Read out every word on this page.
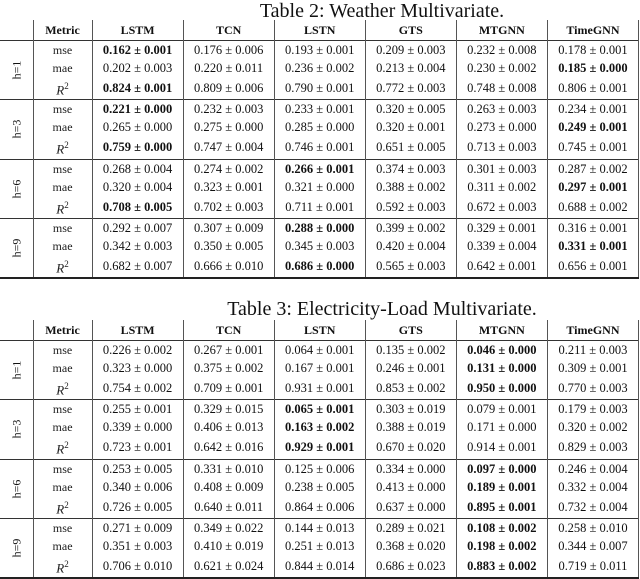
Table 2: Weather Multivariate.
	Metric	LSTM	TCN	LSTN	GTS	MTGNN	TimeGNN
h=1	mse	0.162 ± 0.001	0.176 ± 0.006	0.193 ± 0.001	0.209 ± 0.003	0.232 ± 0.008	0.178 ± 0.001
	mae	0.202 ± 0.003	0.220 ± 0.011	0.236 ± 0.002	0.213 ± 0.004	0.230 ± 0.002	0.185 ± 0.000
	$R^2$	0.824 ± 0.001	0.809 ± 0.006	0.790 ± 0.001	0.772 ± 0.003	0.748 ± 0.008	0.806 ± 0.001
h=3	mse	0.221 ± 0.000	0.232 ± 0.003	0.233 ± 0.001	0.320 ± 0.005	0.263 ± 0.003	0.234 ± 0.001
	mae	0.265 ± 0.000	0.275 ± 0.000	0.285 ± 0.000	0.320 ± 0.001	0.273 ± 0.000	0.249 ± 0.001
	$R^2$	0.759 ± 0.000	0.747 ± 0.004	0.746 ± 0.001	0.651 ± 0.005	0.713 ± 0.003	0.745 ± 0.001
h=6	mse	0.268 ± 0.004	0.274 ± 0.002	0.266 ± 0.001	0.374 ± 0.003	0.301 ± 0.003	0.287 ± 0.002
	mae	0.320 ± 0.004	0.323 ± 0.001	0.321 ± 0.000	0.388 ± 0.002	0.311 ± 0.002	0.297 ± 0.001
	$R^2$	0.708 ± 0.005	0.702 ± 0.003	0.711 ± 0.001	0.592 ± 0.003	0.672 ± 0.003	0.688 ± 0.002
h=9	mse	0.292 ± 0.007	0.307 ± 0.009	0.288 ± 0.000	0.399 ± 0.002	0.329 ± 0.001	0.316 ± 0.001
	mae	0.342 ± 0.003	0.350 ± 0.005	0.345 ± 0.003	0.420 ± 0.004	0.339 ± 0.004	0.331 ± 0.001
	$R^2$	0.682 ± 0.007	0.666 ± 0.010	0.686 ± 0.000	0.565 ± 0.003	0.642 ± 0.001	0.656 ± 0.001
Table 3: Electricity-Load Multivariate.
	Metric	LSTM	TCN	LSTN	GTS	MTGNN	TimeGNN
h=1	mse	0.226 ± 0.002	0.267 ± 0.001	0.064 ± 0.001	0.135 ± 0.002	0.046 ± 0.000	0.211 ± 0.003
	mae	0.323 ± 0.000	0.375 ± 0.002	0.167 ± 0.001	0.246 ± 0.001	0.131 ± 0.000	0.309 ± 0.001
	$R^2$	0.754 ± 0.002	0.709 ± 0.001	0.931 ± 0.001	0.853 ± 0.002	0.950 ± 0.000	0.770 ± 0.003
h=3	mse	0.255 ± 0.001	0.329 ± 0.015	0.065 ± 0.001	0.303 ± 0.019	0.079 ± 0.001	0.179 ± 0.003
	mae	0.339 ± 0.000	0.406 ± 0.013	0.163 ± 0.002	0.388 ± 0.019	0.171 ± 0.000	0.320 ± 0.002
	$R^2$	0.723 ± 0.001	0.642 ± 0.016	0.929 ± 0.001	0.670 ± 0.020	0.914 ± 0.001	0.829 ± 0.003
h=6	mse	0.253 ± 0.005	0.331 ± 0.010	0.125 ± 0.006	0.334 ± 0.000	0.097 ± 0.000	0.246 ± 0.004
	mae	0.340 ± 0.006	0.408 ± 0.009	0.238 ± 0.005	0.413 ± 0.000	0.189 ± 0.001	0.332 ± 0.004
	$R^2$	0.726 ± 0.005	0.640 ± 0.011	0.864 ± 0.006	0.637 ± 0.000	0.895 ± 0.001	0.732 ± 0.004
h=9	mse	0.271 ± 0.009	0.349 ± 0.022	0.144 ± 0.013	0.289 ± 0.021	0.108 ± 0.002	0.258 ± 0.010
	mae	0.351 ± 0.003	0.410 ± 0.019	0.251 ± 0.013	0.368 ± 0.020	0.198 ± 0.002	0.344 ± 0.007
	$R^2$	0.706 ± 0.010	0.621 ± 0.024	0.844 ± 0.014	0.686 ± 0.023	0.883 ± 0.002	0.719 ± 0.011
